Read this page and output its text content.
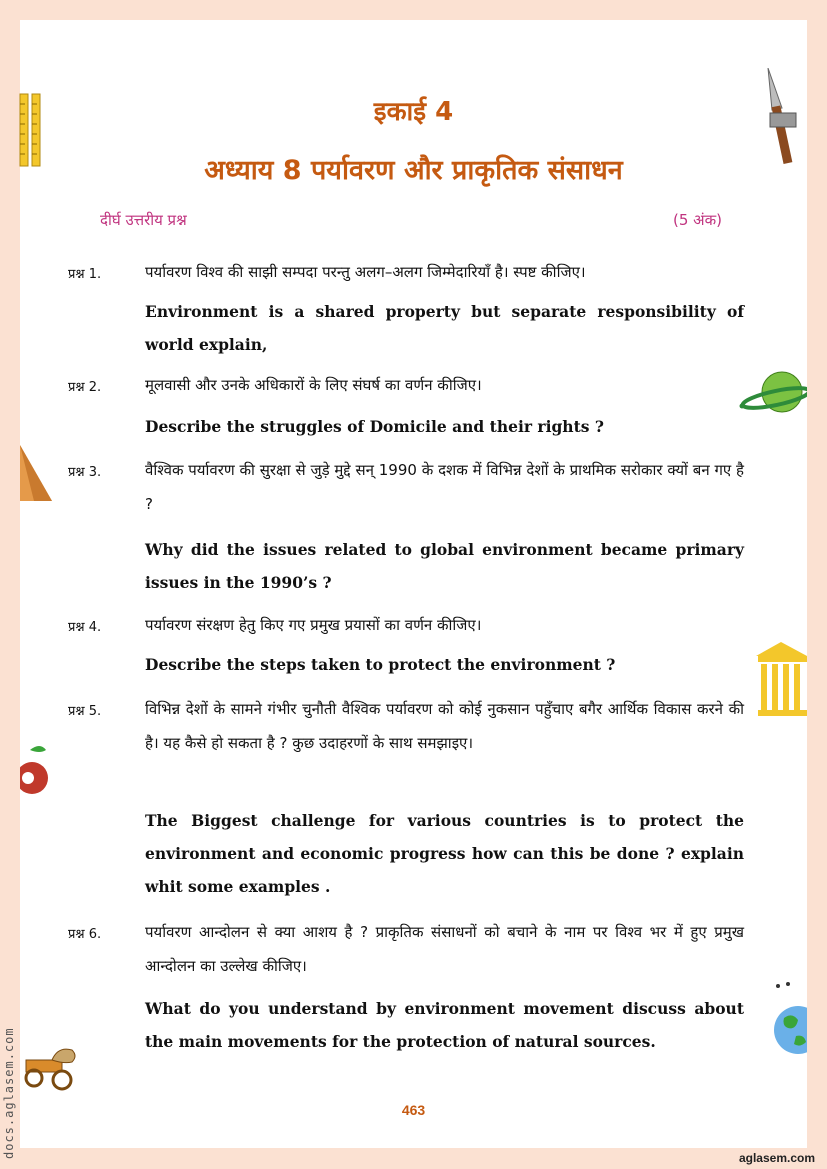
इकाई 4
अध्याय 8 पर्यावरण और प्राकृतिक संसाधन
दीर्घ उत्तरीय प्रश्न	(5 अंक)
प्रश्न 1.	पर्यावरण विश्व की साझी सम्पदा परन्तु अलग–अलग जिम्मेदारियाँ है। स्पष्ट कीजिए।
Environment is a shared property but separate responsibility of world explain,
प्रश्न 2.	मूलवासी और उनके अधिकारों के लिए संघर्ष का वर्णन कीजिए।
Describe the struggles of Domicile and their rights ?
प्रश्न 3.	वैश्विक पर्यावरण की सुरक्षा से जुड़े मुद्दे सन् 1990 के दशक में विभिन्न देशों के प्राथमिक सरोकार क्यों बन गए है ?
Why did the issues related to global environment became primary issues in the 1990’s ?
प्रश्न 4.	पर्यावरण संरक्षण हेतु किए गए प्रमुख प्रयासों का वर्णन कीजिए।
Describe the steps taken to protect the environment ?
प्रश्न 5.	विभिन्न देशों के सामने गंभीर चुनौती वैश्विक पर्यावरण को कोई नुकसान पहुँचाए बगैर आर्थिक विकास करने की है। यह कैसे हो सकता है ? कुछ उदाहरणों के साथ समझाइए।
The Biggest challenge for various countries is to protect the environment and economic progress how can this be done ? explain whit some examples .
प्रश्न 6.	पर्यावरण आन्दोलन से क्या आशय है ? प्राकृतिक संसाधनों को बचाने के नाम पर विश्व भर में हुए प्रमुख आन्दोलन का उल्लेख कीजिए।
What do you understand by environment movement discuss about the main movements for the protection of natural sources.
463
docs.aglasem.com	aglasem.com
